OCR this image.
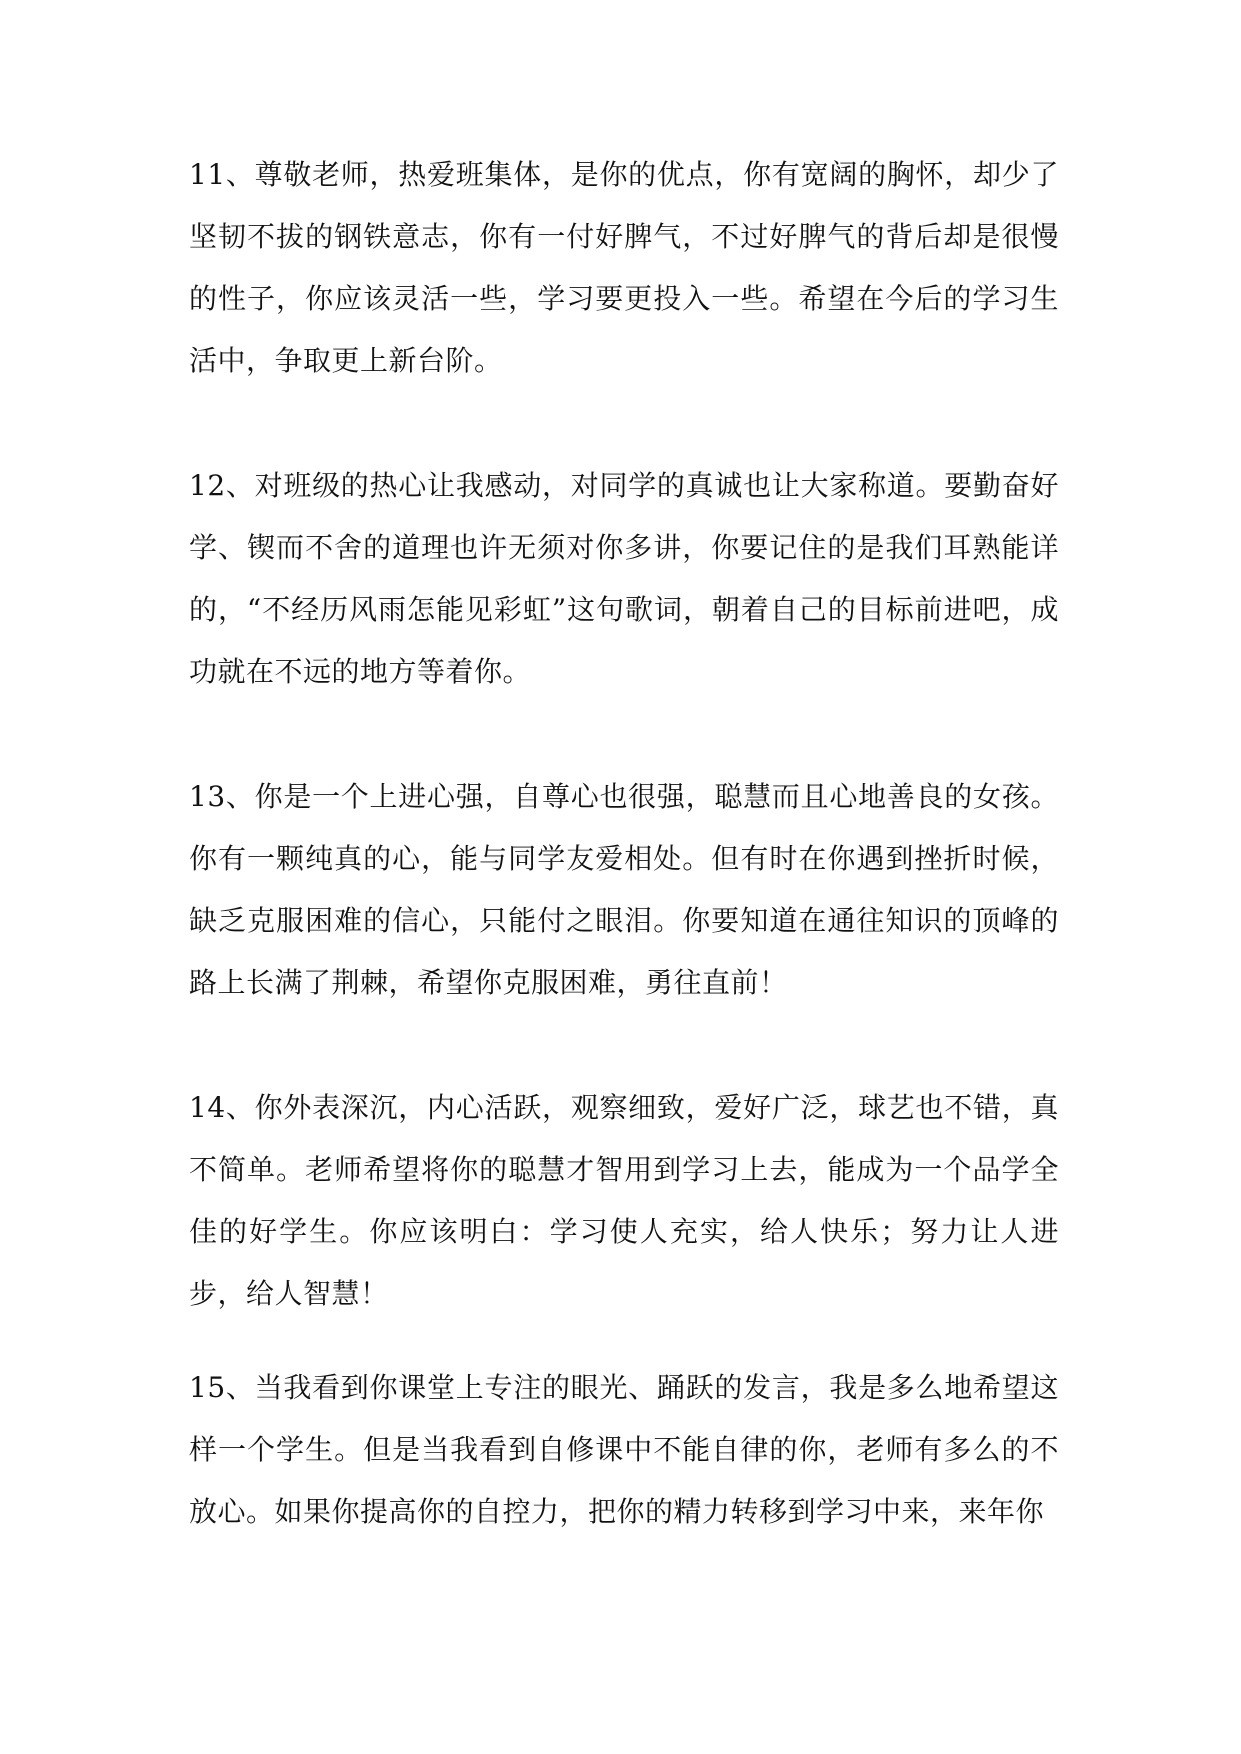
11、尊敬老师，热爱班集体，是你的优点，你有宽阔的胸怀，却少了坚韧不拔的钢铁意志，你有一付好脾气，不过好脾气的背后却是很慢的性子，你应该灵活一些，学习要更投入一些。希望在今后的学习生活中，争取更上新台阶。

12、对班级的热心让我感动，对同学的真诚也让大家称道。要勤奋好学、锲而不舍的道理也许无须对你多讲，你要记住的是我们耳熟能详的，“不经历风雨怎能见彩虹”这句歌词，朝着自己的目标前进吧，成功就在不远的地方等着你。

13、你是一个上进心强，自尊心也很强，聪慧而且心地善良的女孩。你有一颗纯真的心，能与同学友爱相处。但有时在你遇到挫折时候，缺乏克服困难的信心，只能付之眼泪。你要知道在通往知识的顶峰的路上长满了荆棘，希望你克服困难，勇往直前！

14、你外表深沉，内心活跃，观察细致，爱好广泛，球艺也不错，真不简单。老师希望将你的聪慧才智用到学习上去，能成为一个品学全佳的好学生。你应该明白：学习使人充实，给人快乐；努力让人进步，给人智慧！

15、当我看到你课堂上专注的眼光、踊跃的发言，我是多么地希望这样一个学生。但是当我看到自修课中不能自律的你，老师有多么的不放心。如果你提高你的自控力，把你的精力转移到学习中来，来年你
